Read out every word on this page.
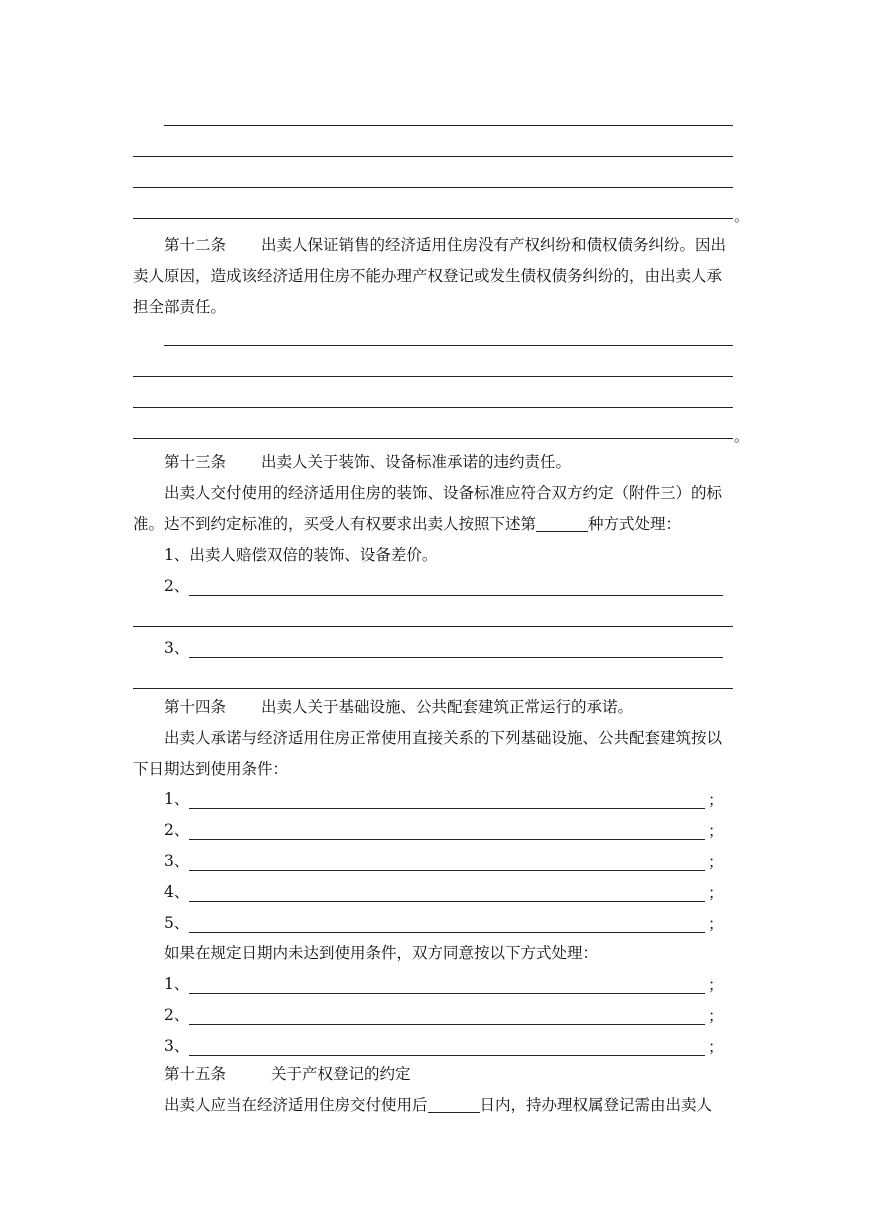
。
第十二条 出卖人保证销售的经济适用住房没有产权纠纷和债权债务纠纷。因出
卖人原因，造成该经济适用住房不能办理产权登记或发生债权债务纠纷的，由出卖人承
担全部责任。
。
第十三条 出卖人关于装饰、设备标准承诺的违约责任。
出卖人交付使用的经济适用住房的装饰、设备标准应符合双方约定（附件三）的标
准。达不到约定标准的，买受人有权要求出卖人按照下述第	种方式处理：
1、出卖人赔偿双倍的装饰、设备差价。
2、
3、
第十四条 出卖人关于基础设施、公共配套建筑正常运行的承诺。
出卖人承诺与经济适用住房正常使用直接关系的下列基础设施、公共配套建筑按以
下日期达到使用条件：
1、	；
2、	；
3、	；
4、	；
5、	；
如果在规定日期内未达到使用条件，双方同意按以下方式处理：
1、	；
2、	；
3、	；
第十五条	关于产权登记的约定
出卖人应当在经济适用住房交付使用后	日内，持办理权属登记需由出卖人
